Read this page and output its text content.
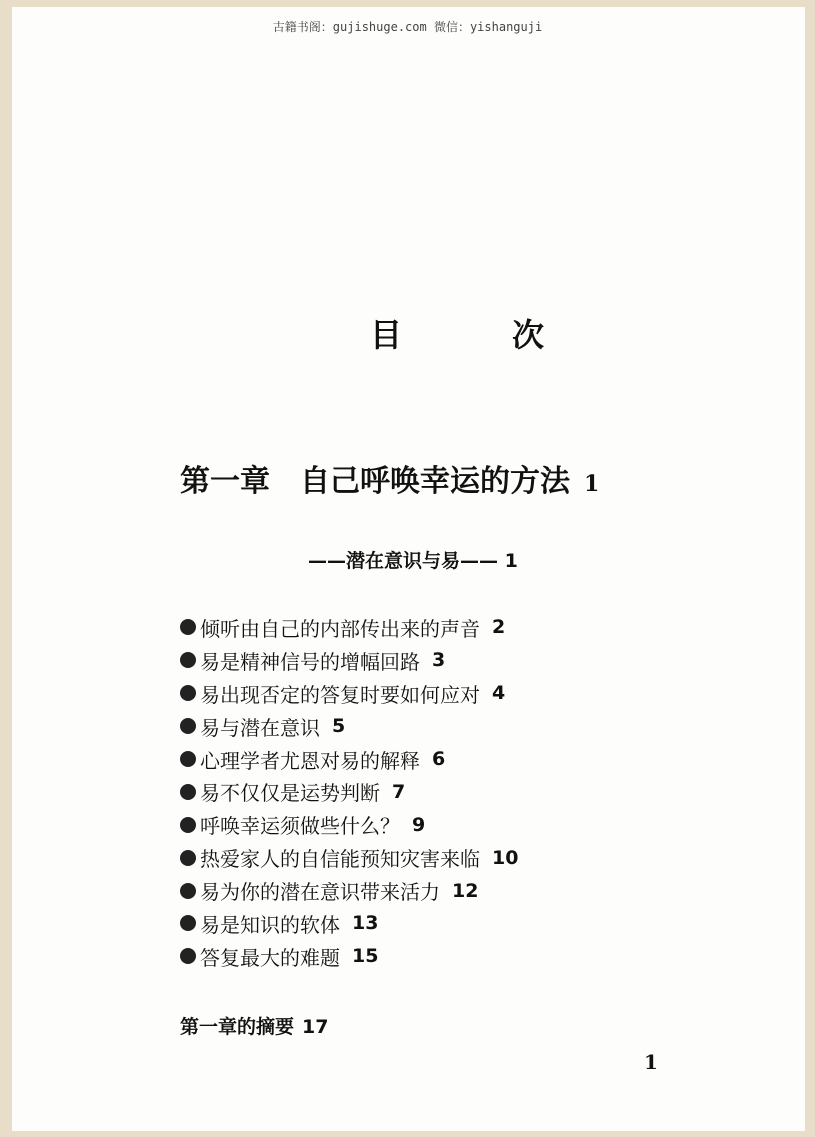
古籍书阁：gujishuge.com 微信：yishanguji
目	次
第一章 自己呼唤幸运的方法 1
——潜在意识与易—— 1
倾听由自己的内部传出来的声音 2
易是精神信号的增幅回路 3
易出现否定的答复时要如何应对 4
易与潜在意识 5
心理学者尤恩对易的解释 6
易不仅仅是运势判断 7
呼唤幸运须做些什么？ 9
热爱家人的自信能预知灾害来临 10
易为你的潜在意识带来活力 12
易是知识的软体 13
答复最大的难题 15
第一章的摘要 17
1
